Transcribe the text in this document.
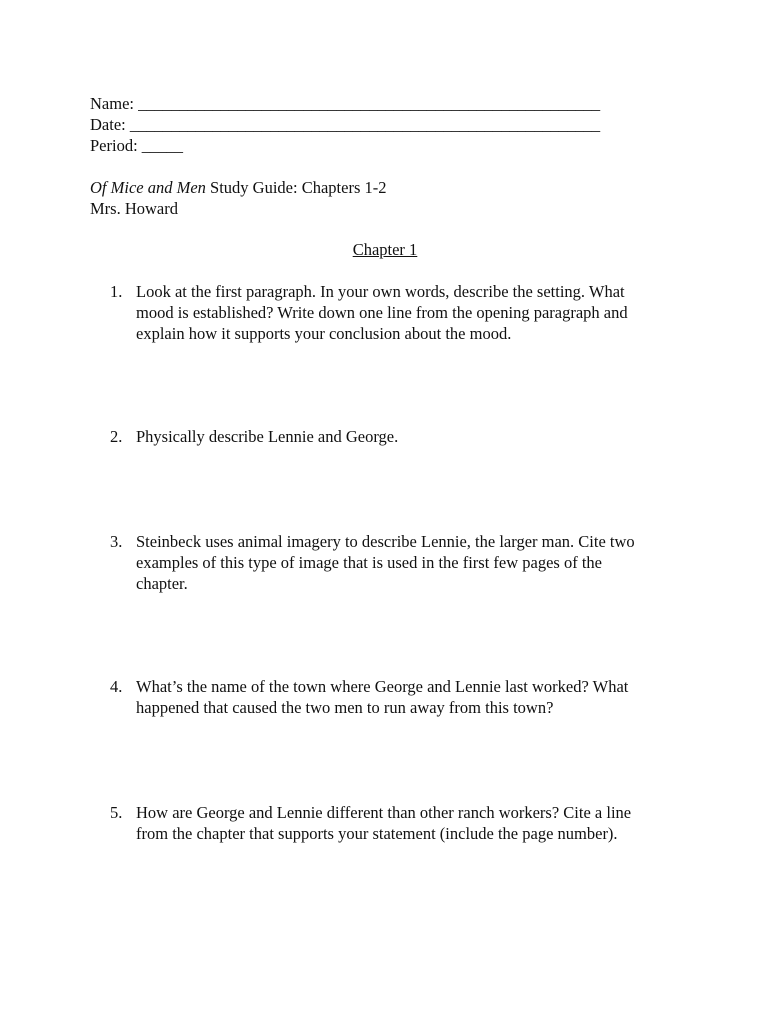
Name: ________________________________________________________
Date: _________________________________________________________
Period: _____
Of Mice and Men Study Guide: Chapters 1-2
Mrs. Howard
Chapter 1
1. Look at the first paragraph. In your own words, describe the setting. What
mood is established? Write down one line from the opening paragraph and
explain how it supports your conclusion about the mood.
2. Physically describe Lennie and George.
3. Steinbeck uses animal imagery to describe Lennie, the larger man. Cite two
examples of this type of image that is used in the first few pages of the
chapter.
4. What’s the name of the town where George and Lennie last worked? What
happened that caused the two men to run away from this town?
5. How are George and Lennie different than other ranch workers? Cite a line
from the chapter that supports your statement (include the page number).
